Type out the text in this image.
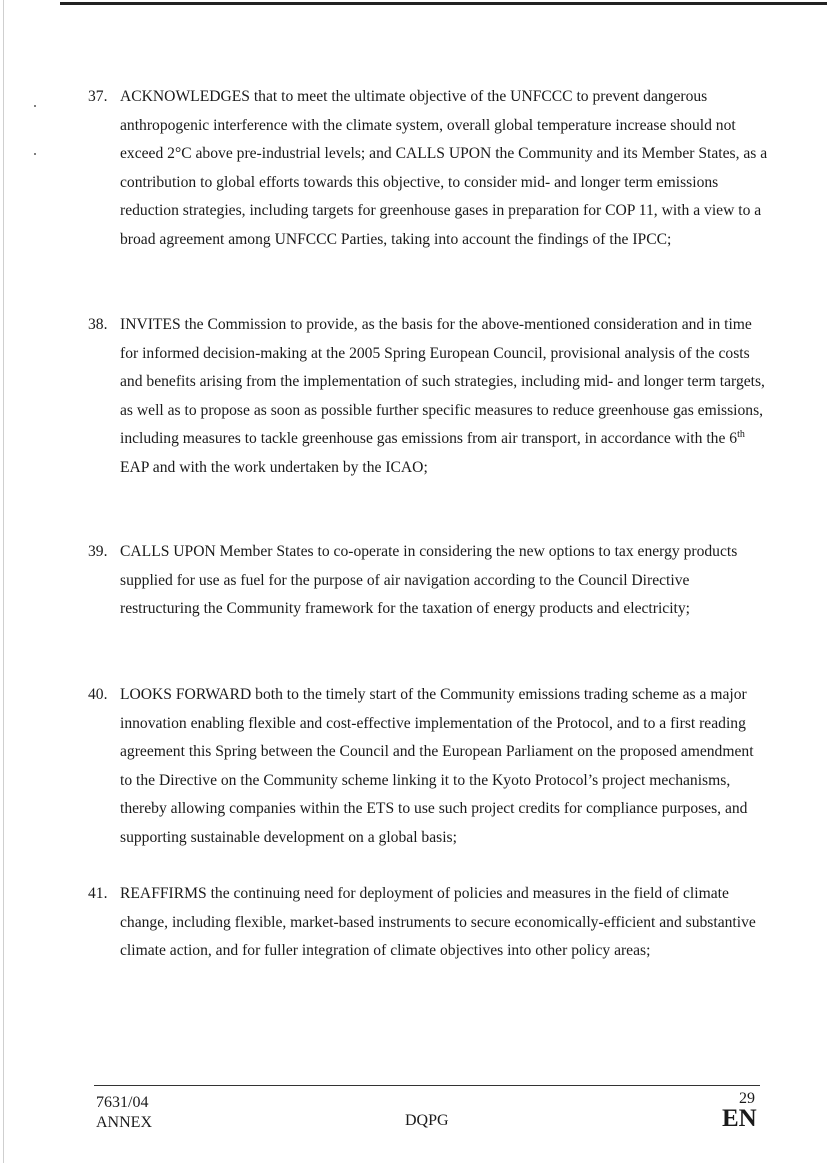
37. ACKNOWLEDGES that to meet the ultimate objective of the UNFCCC to prevent dangerous anthropogenic interference with the climate system, overall global temperature increase should not exceed 2°C above pre-industrial levels; and CALLS UPON the Community and its Member States, as a contribution to global efforts towards this objective, to consider mid- and longer term emissions reduction strategies, including targets for greenhouse gases in preparation for COP 11, with a view to a broad agreement among UNFCCC Parties, taking into account the findings of the IPCC;
38. INVITES the Commission to provide, as the basis for the above-mentioned consideration and in time for informed decision-making at the 2005 Spring European Council, provisional analysis of the costs and benefits arising from the implementation of such strategies, including mid- and longer term targets, as well as to propose as soon as possible further specific measures to reduce greenhouse gas emissions, including measures to tackle greenhouse gas emissions from air transport, in accordance with the 6th EAP and with the work undertaken by the ICAO;
39. CALLS UPON Member States to co-operate in considering the new options to tax energy products supplied for use as fuel for the purpose of air navigation according to the Council Directive restructuring the Community framework for the taxation of energy products and electricity;
40. LOOKS FORWARD both to the timely start of the Community emissions trading scheme as a major innovation enabling flexible and cost-effective implementation of the Protocol, and to a first reading agreement this Spring between the Council and the European Parliament on the proposed amendment to the Directive on the Community scheme linking it to the Kyoto Protocol’s project mechanisms, thereby allowing companies within the ETS to use such project credits for compliance purposes, and supporting sustainable development on a global basis;
41. REAFFIRMS the continuing need for deployment of policies and measures in the field of climate change, including flexible, market-based instruments to secure economically-efficient and substantive climate action, and for fuller integration of climate objectives into other policy areas;
7631/04
ANNEX	DQPG
29
EN
